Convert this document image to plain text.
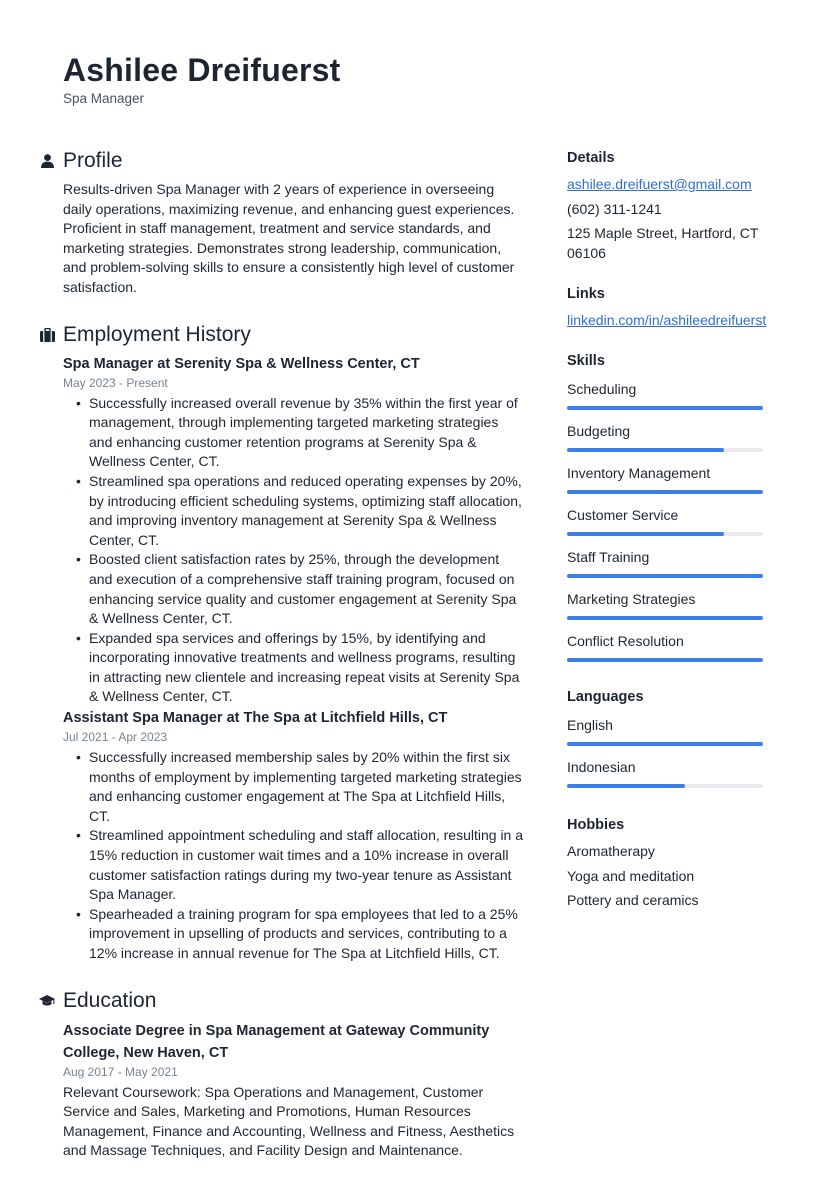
Ashilee Dreifuerst
Spa Manager
Profile

Results-driven Spa Manager with 2 years of experience in overseeing daily operations, maximizing revenue, and enhancing guest experiences. Proficient in staff management, treatment and service standards, and marketing strategies. Demonstrates strong leadership, communication, and problem-solving skills to ensure a consistently high level of customer satisfaction.

Employment History
Spa Manager at Serenity Spa & Wellness Center, CT
May 2023 - Present
• Successfully increased overall revenue by 35% within the first year of management, through implementing targeted marketing strategies and enhancing customer retention programs at Serenity Spa & Wellness Center, CT.
• Streamlined spa operations and reduced operating expenses by 20%, by introducing efficient scheduling systems, optimizing staff allocation, and improving inventory management at Serenity Spa & Wellness Center, CT.
• Boosted client satisfaction rates by 25%, through the development and execution of a comprehensive staff training program, focused on enhancing service quality and customer engagement at Serenity Spa & Wellness Center, CT.
• Expanded spa services and offerings by 15%, by identifying and incorporating innovative treatments and wellness programs, resulting in attracting new clientele and increasing repeat visits at Serenity Spa & Wellness Center, CT.
Assistant Spa Manager at The Spa at Litchfield Hills, CT
Jul 2021 - Apr 2023
• Successfully increased membership sales by 20% within the first six months of employment by implementing targeted marketing strategies and enhancing customer engagement at The Spa at Litchfield Hills, CT.
• Streamlined appointment scheduling and staff allocation, resulting in a 15% reduction in customer wait times and a 10% increase in overall customer satisfaction ratings during my two-year tenure as Assistant Spa Manager.
• Spearheaded a training program for spa employees that led to a 25% improvement in upselling of products and services, contributing to a 12% increase in annual revenue for The Spa at Litchfield Hills, CT.
Education
Associate Degree in Spa Management at Gateway Community College, New Haven, CT
Aug 2017 - May 2021

Relevant Coursework: Spa Operations and Management, Customer Service and Sales, Marketing and Promotions, Human Resources Management, Finance and Accounting, Wellness and Fitness, Aesthetics and Massage Techniques, and Facility Design and Maintenance.

Details
ashilee.dreifuerst@gmail.com
(602) 311-1241
125 Maple Street, Hartford, CT 06106
Links
linkedin.com/in/ashileedreifuerst
Skills
Scheduling
Budgeting
Inventory Management
Customer Service
Staff Training
Marketing Strategies
Conflict Resolution
Languages
English
Indonesian
Hobbies
Aromatherapy
Yoga and meditation
Pottery and ceramics
